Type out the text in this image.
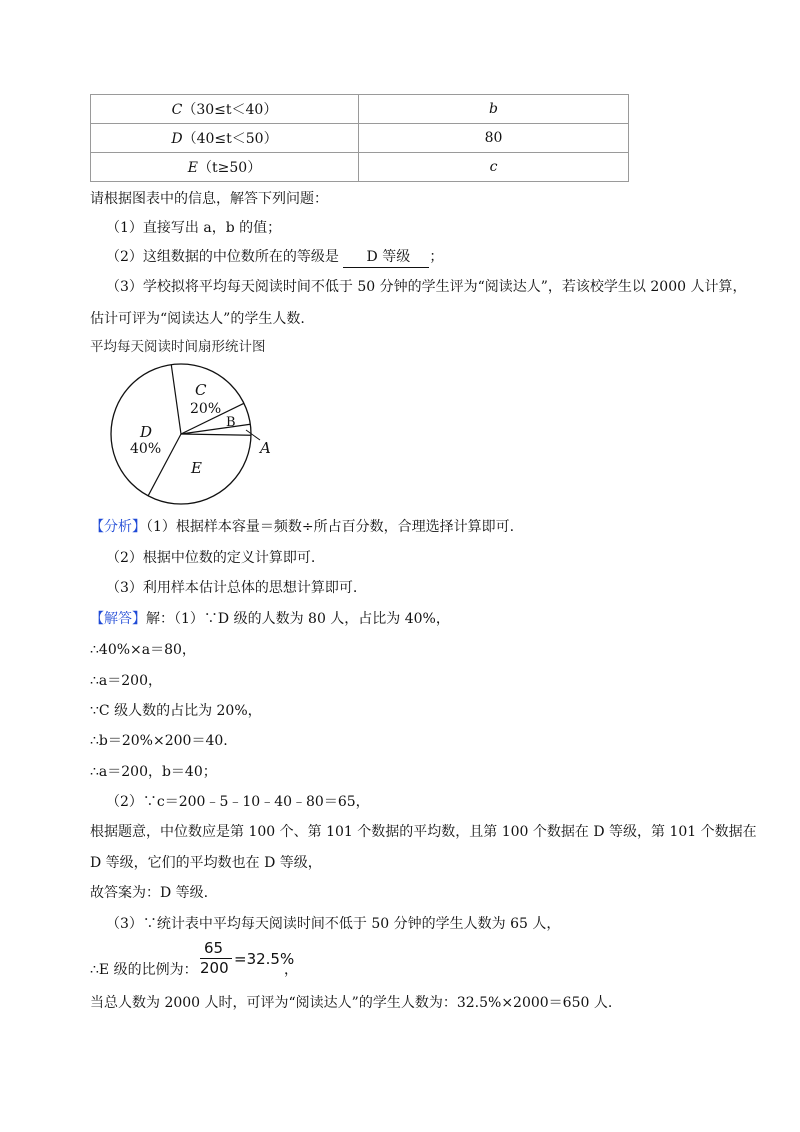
C（30≤t＜40）	b
D（40≤t＜50）	80
E（t≥50）	c
请根据图表中的信息，解答下列问题：
（1）直接写出 a，b 的值；
（2）这组数据的中位数所在的等级是 D 等级 ；
（3）学校拟将平均每天阅读时间不低于 50 分钟的学生评为“阅读达人”，若该校学生以 2000 人计算，
估计可评为“阅读达人”的学生人数.
平均每天阅读时间扇形统计图
C
20%
D
40%
E
B
A
【分析】（1）根据样本容量＝频数÷所占百分数，合理选择计算即可.
（2）根据中位数的定义计算即可.
（3）利用样本估计总体的思想计算即可.
【解答】解：（1）∵D 级的人数为 80 人，占比为 40%，
∴40%×a＝80，
∴a＝200，
∵C 级人数的占比为 20%，
∴b＝20%×200＝40.
∴a＝200，b＝40；
（2）∵c＝200﹣5﹣10﹣40﹣80＝65，
根据题意，中位数应是第 100 个、第 101 个数据的平均数，且第 100 个数据在 D 等级，第 101 个数据在
D 等级，它们的平均数也在 D 等级，
故答案为：D 等级.
（3）∵统计表中平均每天阅读时间不低于 50 分钟的学生人数为 65 人，
∴E 级的比例为：
65
200 =32.5%
，
当总人数为 2000 人时，可评为“阅读达人”的学生人数为：32.5%×2000＝650 人.
